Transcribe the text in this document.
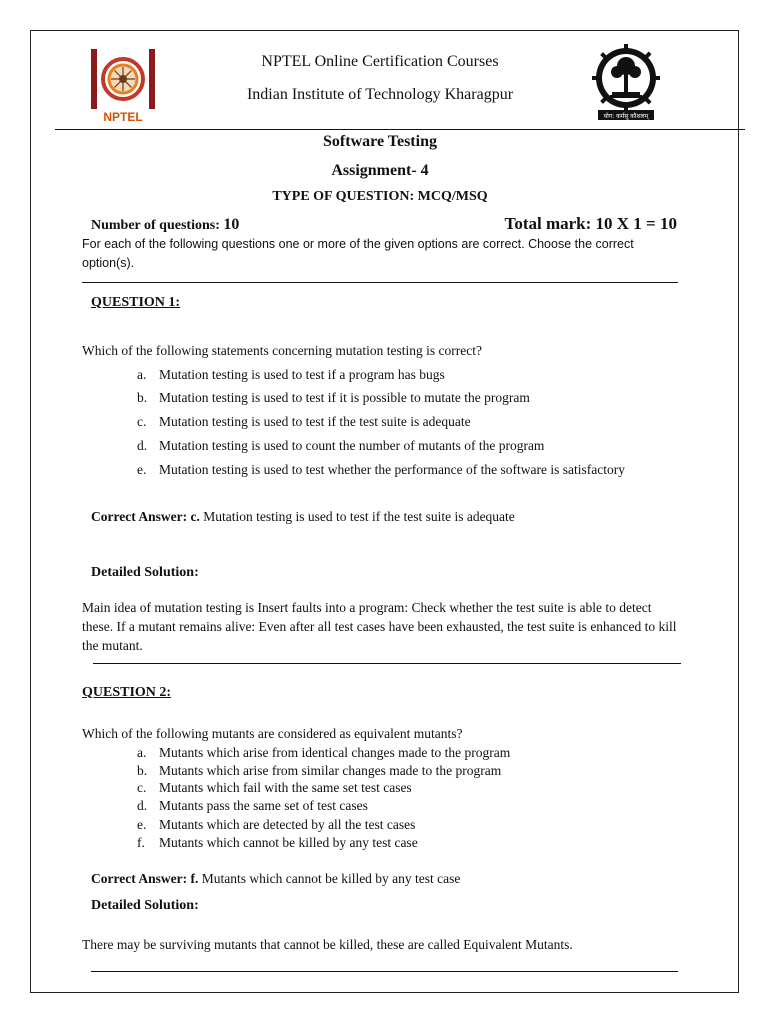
NPTEL	योग: कर्मसु कौशलम्
NPTEL Online Certification Courses
Indian Institute of Technology Kharagpur
Software Testing
Assignment- 4
TYPE OF QUESTION: MCQ/MSQ
Number of questions: 10	Total mark: 10 X 1 = 10
For each of the following questions one or more of the given options are correct. Choose the correct option(s).
QUESTION 1:
Which of the following statements concerning mutation testing is correct?
a. Mutation testing is used to test if a program has bugs
b. Mutation testing is used to test if it is possible to mutate the program
c. Mutation testing is used to test if the test suite is adequate
d. Mutation testing is used to count the number of mutants of the program
e. Mutation testing is used to test whether the performance of the software is satisfactory
Correct Answer: c. Mutation testing is used to test if the test suite is adequate
Detailed Solution:
Main idea of mutation testing is Insert faults into a program: Check whether the test suite is able to detect these. If a mutant remains alive: Even after all test cases have been exhausted, the test suite is enhanced to kill the mutant.
QUESTION 2:
Which of the following mutants are considered as equivalent mutants?
a. Mutants which arise from identical changes made to the program
b. Mutants which arise from similar changes made to the program
c. Mutants which fail with the same set test cases
d. Mutants pass the same set of test cases
e. Mutants which are detected by all the test cases
f. Mutants which cannot be killed by any test case
Correct Answer: f. Mutants which cannot be killed by any test case
Detailed Solution:
There may be surviving mutants that cannot be killed, these are called Equivalent Mutants.
